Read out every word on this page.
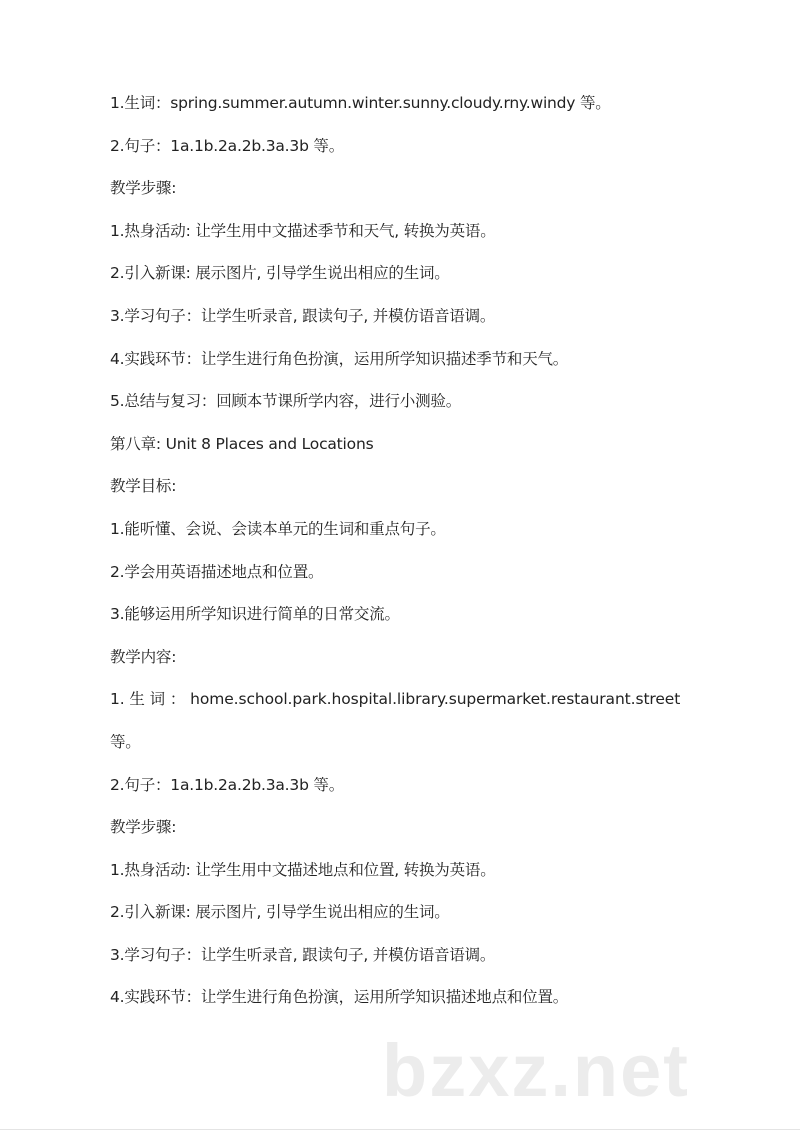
1.生词：spring.summer.autumn.winter.sunny.cloudy.rny.windy 等。
2.句子：1a.1b.2a.2b.3a.3b 等。
教学步骤:
1.热身活动: 让学生用中文描述季节和天气, 转换为英语。
2.引入新课: 展示图片, 引导学生说出相应的生词。
3.学习句子：让学生听录音, 跟读句子, 并模仿语音语调。
4.实践环节：让学生进行角色扮演，运用所学知识描述季节和天气。
5.总结与复习：回顾本节课所学内容，进行小测验。
第八章: Unit 8 Places and Locations
教学目标:
1.能听懂、会说、会读本单元的生词和重点句子。
2.学会用英语描述地点和位置。
3.能够运用所学知识进行简单的日常交流。
教学内容:
1. 生 词 ： home.school.park.hospital.library.supermarket.restaurant.street
等。
2.句子：1a.1b.2a.2b.3a.3b 等。
教学步骤:
1.热身活动: 让学生用中文描述地点和位置, 转换为英语。
2.引入新课: 展示图片, 引导学生说出相应的生词。
3.学习句子：让学生听录音, 跟读句子, 并模仿语音语调。
4.实践环节：让学生进行角色扮演，运用所学知识描述地点和位置。
bzxz.net
